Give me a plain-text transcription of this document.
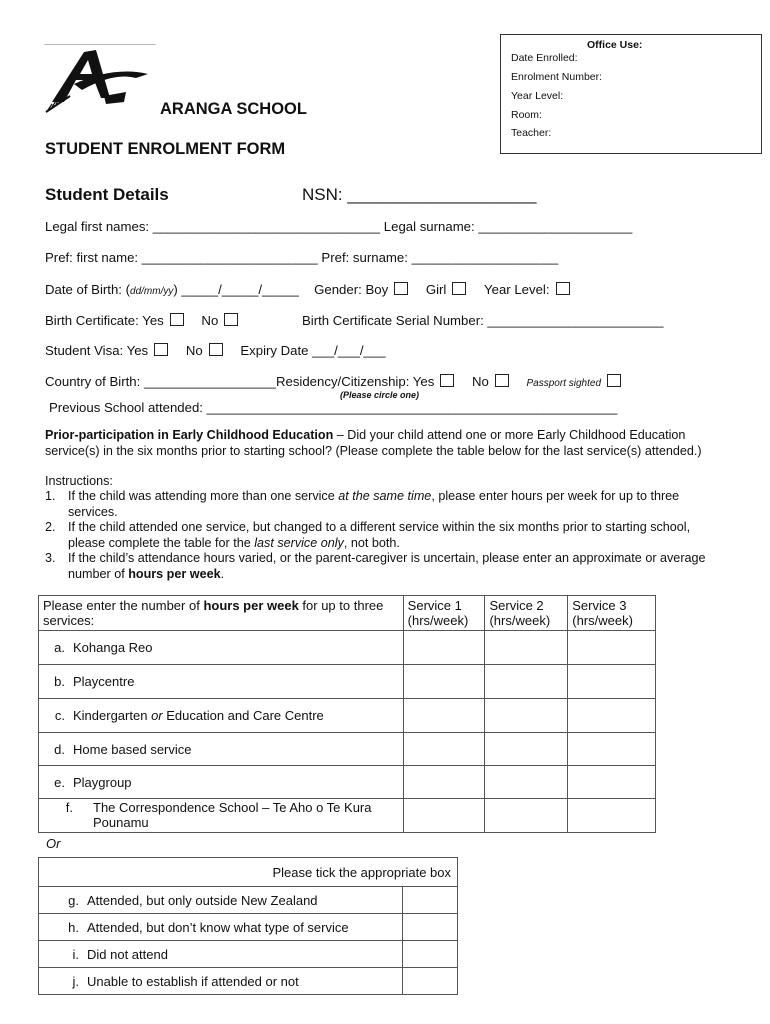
ARANGA SCHOOL
STUDENT ENROLMENT FORM
Office Use:
Date Enrolled:
Enrolment Number:
Year Level:
Room:
Teacher:
Student Details	NSN: ____________________
Legal first names: _______________________________ Legal surname: _____________________
Pref: first name: ________________________ Pref: surname: ____________________
Date of Birth: (dd/mm/yy) _____/_____/_____ Gender: Boy	Girl	Year Level:
Birth Certificate: Yes	No	Birth Certificate Serial Number: ________________________
Student Visa: Yes	No	Expiry Date ___/___/___
Country of Birth: __________________Residency/Citizenship: Yes	No	Passport sighted
(Please circle one)
Previous School attended: ________________________________________________________
Prior-participation in Early Childhood Education – Did your child attend one or more Early Childhood Education service(s) in the six months prior to starting school? (Please complete the table below for the last service(s) attended.)
Instructions:
1. If the child was attending more than one service at the same time, please enter hours per week for up to three services.
2. If the child attended one service, but changed to a different service within the six months prior to starting school, please complete the table for the last service only, not both.
3. If the child’s attendance hours varied, or the parent-caregiver is uncertain, please enter an approximate or average number of hours per week.
Please enter the number of hours per week for up to three services:	Service 1 (hrs/week)	Service 2 (hrs/week)	Service 3 (hrs/week)
a. Kohanga Reo			
b. Playcentre			
c. Kindergarten or Education and Care Centre			
d. Home based service			
e. Playgroup			

f. The Correspondence School – Te Aho o Te Kura Pounamu			

Or
Please tick the appropriate box	
g. Attended, but only outside New Zealand	
h. Attended, but don’t know what type of service	
i. Did not attend	
j. Unable to establish if attended or not	
